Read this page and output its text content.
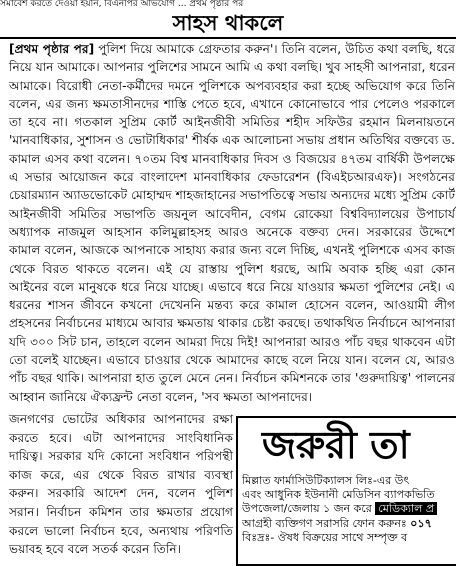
সমাবেশ করতে দেওয়া হয়নি, বিএনপির অভিযোগ ... প্রথম পৃষ্ঠার পর
সাহস থাকলে

[প্রথম পৃষ্ঠার পর] পুলিশ দিয়ে আমাকে গ্রেফতার করুন'। তিনি বলেন, উচিত কথা বলছি, ধরে নিয়ে যান আমাকে। আপনার পুলিশের সামনে আমি এ কথা বলছি। খুব সাহসী আপনারা, ধরেন আমাকে। বিরোধী নেতা-কর্মীদের দমনে পুলিশকে অপব্যবহার করা হচ্ছে অভিযোগ করে তিনি বলেন, এর জন্য ক্ষমতাসীনদের শাস্তি পেতে হবে, এখানে কোনোভাবে পার পেলেও পরকালে তা হবে না। গতকাল সুপ্রিম কোর্ট আইনজীবী সমিতির শহীদ সফিউর রহমান মিলনায়তনে 'মানবাধিকার, সুশাসন ও ভোটাধিকার' শীর্ষক এক আলোচনা সভায় প্রধান অতিথির বক্তব্যে ড. কামাল এসব কথা বলেন। ৭০তম বিশ্ব মানবাধিকার দিবস ও বিজয়ের ৪৭তম বার্ষিকী উপলক্ষে এ সভার আয়োজন করে বাংলাদেশ মানবাধিকার ফেডারেশন (বিএইচআরএফ)। সংগঠনের চেয়ারম্যান অ্যাডভোকেট মোহাম্মদ শাহজাহানের সভাপতিত্বে সভায় অন্যদের মধ্যে সুপ্রিম কোর্ট আইনজীবী সমিতির সভাপতি জয়নুল আবেদীন, বেগম রোকেয়া বিশ্ববিদ্যালয়ের উপাচার্য অধ্যাপক নাজমুল আহসান কলিমুল্লাহসহ আরও অনেকে বক্তব্য দেন। সরকারের উদ্দেশে কামাল বলেন, আজকে আপনাকে সাহায্য করার জন্য বলে দিচ্ছি, এখনই পুলিশকে এসব কাজ থেকে বিরত থাকতে বলেন। এই যে রাস্তায় পুলিশ ধরছে, আমি অবাক হচ্ছি এরা কোন আইনের বলে মানুষকে ধরে নিয়ে যাচ্ছে। এভাবে ধরে নিয়ে যাওয়ার ক্ষমতা পুলিশের নেই। এ ধরনের শাসন জীবনে কখনো দেখেননি মন্তব্য করে কামাল হোসেন বলেন, আওয়ামী লীগ প্রহসনের নির্বাচনের মাধ্যমে আবার ক্ষমতায় থাকার চেষ্টা করছে। তথাকথিত নির্বাচনে আপনারা যদি ৩০০ সিট চান, তাহলে বলেন আমরা দিয়ে দিই! আপনারা আরও পাঁচ বছর থাকবেন এটা তো বলেই যাচ্ছেন। এভাবে চাওয়ার থেকে আমাদের কাছে বলে নিয়ে যান। বলেন যে, আরও পাঁচ বছর থাকি। আপনারা হাত তুলে মেনে নেন। নির্বাচন কমিশনকে তার 'গুরুদায়িত্ব' পালনের আহ্বান জানিয়ে ঐক্যফ্রন্ট নেতা বলেন, 'সব ক্ষমতা আপনাদের।

জনগণের ভোটের অধিকার আপনাদের রক্ষা করতে হবে। এটা আপনাদের সাংবিধানিক দায়িত্ব। সরকার যদি কোনো সংবিধান পরিপন্থী কাজ করে, এর থেকে বিরত রাখার ব্যবস্থা করুন। সরকারি আদেশ দেন, বলেন পুলিশ সরান। নির্বাচন কমিশন তার ক্ষমতার প্রয়োগ করলে ভালো নির্বাচন হবে, অন্যথায় পরিণতি ভয়াবহ হবে বলে সতর্ক করেন তিনি।

জরুরী তা
মিল্লাত ফার্মাসিউটিক্যালস লিঃ-এর উৎ
এবং আধুনিক ইউনানী মেডিসিন ব্যাপকভিতি
উপজেলা/জেলায় ১ জন করে মেডিক্যাল প্র
আগ্রহী ব্যক্তিগণ সরাসরি ফোন করুনঃ ০১৭
বিঃদ্রঃ- ঔষধ বিক্রয়ের সাথে সম্পৃক্ত ব
